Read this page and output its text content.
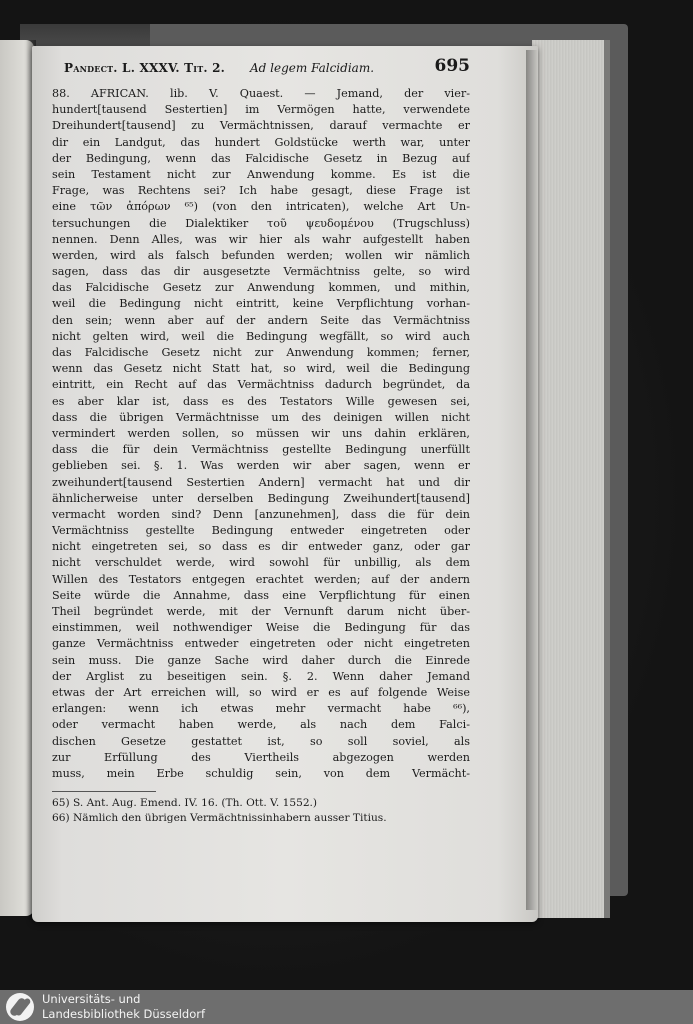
Pandect. L. XXXV. Tit. 2. Ad legem Falcidiam.	695
88. AFRICAN. lib. V. Quaest. — Jemand, der vier-
hundert[tausend Sestertien] im Vermögen hatte, verwendete
Dreihundert[tausend] zu Vermächtnissen, darauf vermachte er
dir ein Landgut, das hundert Goldstücke werth war, unter
der Bedingung, wenn das Falcidische Gesetz in Bezug auf
sein Testament nicht zur Anwendung komme. Es ist die
Frage, was Rechtens sei? Ich habe gesagt, diese Frage ist
eine τῶν ἀπόρων ⁶⁵) (von den intricaten), welche Art Un-
tersuchungen die Dialektiker τοῦ ψευδομένου (Trugschluss)
nennen. Denn Alles, was wir hier als wahr aufgestellt haben
werden, wird als falsch befunden werden; wollen wir nämlich
sagen, dass das dir ausgesetzte Vermächtniss gelte, so wird
das Falcidische Gesetz zur Anwendung kommen, und mithin,
weil die Bedingung nicht eintritt, keine Verpflichtung vorhan-
den sein; wenn aber auf der andern Seite das Vermächtniss
nicht gelten wird, weil die Bedingung wegfällt, so wird auch
das Falcidische Gesetz nicht zur Anwendung kommen; ferner,
wenn das Gesetz nicht Statt hat, so wird, weil die Bedingung
eintritt, ein Recht auf das Vermächtniss dadurch begründet, da
es aber klar ist, dass es des Testators Wille gewesen sei,
dass die übrigen Vermächtnisse um des deinigen willen nicht
vermindert werden sollen, so müssen wir uns dahin erklären,
dass die für dein Vermächtniss gestellte Bedingung unerfüllt
geblieben sei. §. 1. Was werden wir aber sagen, wenn er
zweihundert[tausend Sestertien Andern] vermacht hat und dir
ähnlicherweise unter derselben Bedingung Zweihundert[tausend]
vermacht worden sind? Denn [anzunehmen], dass die für dein
Vermächtniss gestellte Bedingung entweder eingetreten oder
nicht eingetreten sei, so dass es dir entweder ganz, oder gar
nicht verschuldet werde, wird sowohl für unbillig, als dem
Willen des Testators entgegen erachtet werden; auf der andern
Seite würde die Annahme, dass eine Verpflichtung für einen
Theil begründet werde, mit der Vernunft darum nicht über-
einstimmen, weil nothwendiger Weise die Bedingung für das
ganze Vermächtniss entweder eingetreten oder nicht eingetreten
sein muss. Die ganze Sache wird daher durch die Einrede
der Arglist zu beseitigen sein. §. 2. Wenn daher Jemand
etwas der Art erreichen will, so wird er es auf folgende Weise
erlangen: wenn ich etwas mehr vermacht habe ⁶⁶),
oder vermacht haben werde, als nach dem Falci-
dischen Gesetze gestattet ist, so soll soviel, als
zur Erfüllung des Viertheils abgezogen werden
muss, mein Erbe schuldig sein, von dem Vermächt-
65) S. Ant. Aug. Emend. IV. 16. (Th. Ott. V. 1552.)
66) Nämlich den übrigen Vermächtnissinhabern ausser Titius.
Universitäts- und
Landesbibliothek Düsseldorf
